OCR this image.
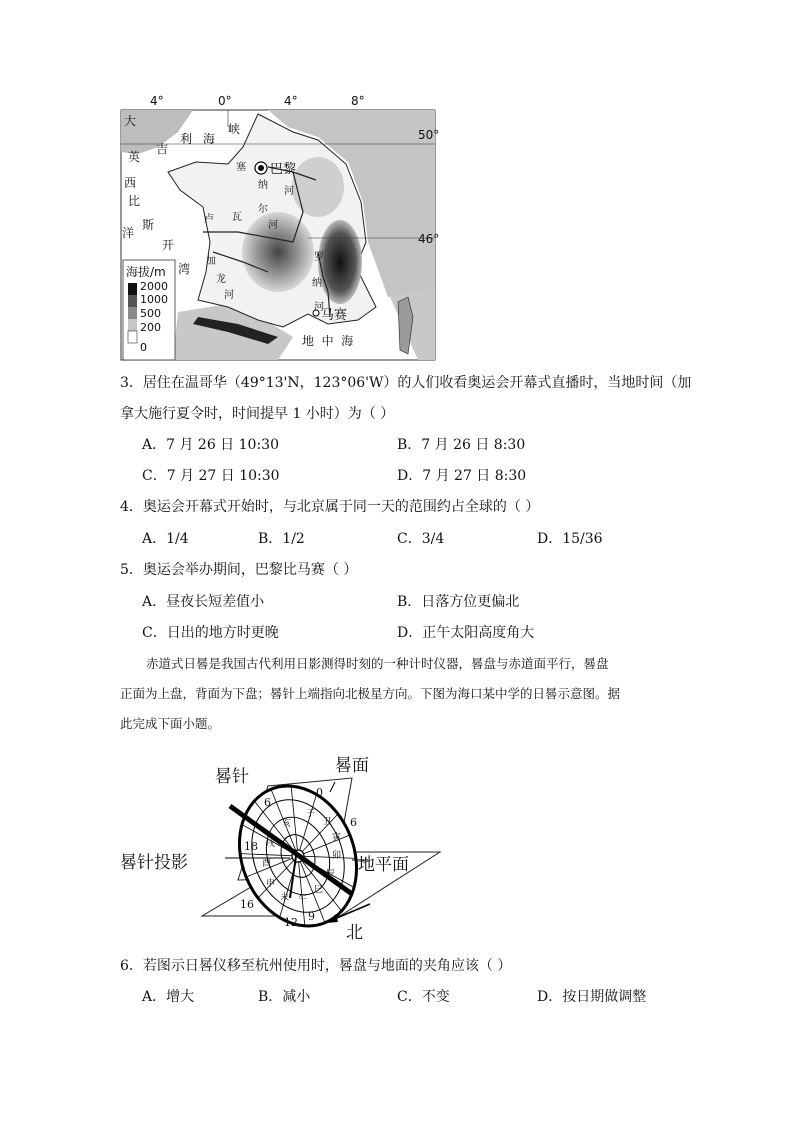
4°	0°	4°	8°
50°
46°
大
英
吉
利 海
峡
西
比
斯
洋
开
湾
巴黎
塞
纳
河
卢 瓦
尔
河
加
龙
河
罗
纳
河
马赛
地  中  海
海拔/m
2000
1000
500
200
0
3．居住在温哥华（49°13'N，123°06'W）的人们收看奥运会开幕式直播时，当地时间（加
拿大施行夏令时，时间提早 1 小时）为（ ）
A．7 月 26 日 10:30	B．7 月 26 日 8:30
C．7 月 27 日 10:30	D．7 月 27 日 8:30
4．奥运会开幕式开始时，与北京属于同一天的范围约占全球的（ ）
A．1/4	B．1/2	C．3/4	D．15/36
5．奥运会举办期间，巴黎比马赛（ ）
A．昼夜长短差值小	B．日落方位更偏北
C．日出的地方时更晚	D．正午太阳高度角大
赤道式日晷是我国古代利用日影测得时刻的一种计时仪器，晷盘与赤道面平行，晷盘
正面为上盘，背面为下盘；晷针上端指向北极星方向。下图为海口某中学的日晷示意图。据
此完成下面小题。
晷针
晷面
晷针投影	地平面
北
0
6
18
12 9
16
6
子
丑
寅
卯
辰
巳
午
未
申
酉
戌
亥
6．若图示日晷仪移至杭州使用时，晷盘与地面的夹角应该（ ）
A．增大	B．减小	C．不变	D．按日期做调整
